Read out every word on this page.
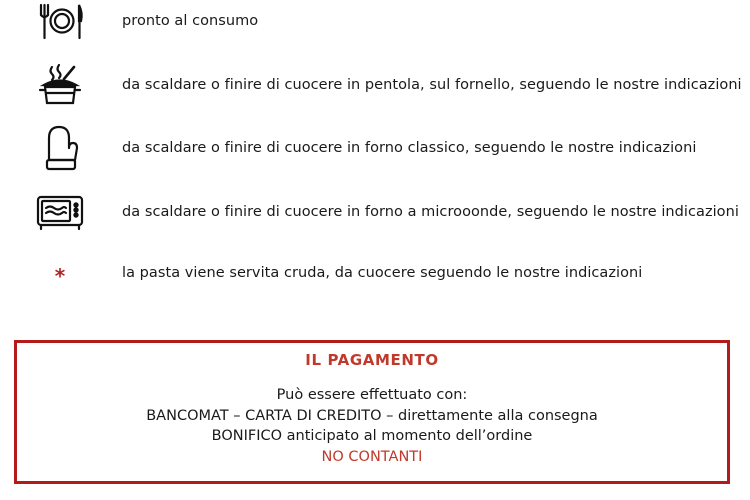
pronto al consumo
da scaldare o finire di cuocere in pentola, sul fornello, seguendo le nostre indicazioni
da scaldare o finire di cuocere in forno classico, seguendo le nostre indicazioni
da scaldare o finire di cuocere in forno a microoonde, seguendo le nostre indicazioni
*	la pasta viene servita cruda, da cuocere seguendo le nostre indicazioni
IL PAGAMENTO
Può essere effettuato con:
BANCOMAT – CARTA DI CREDITO – direttamente alla consegna
BONIFICO anticipato al momento dell’ordine
NO CONTANTI
